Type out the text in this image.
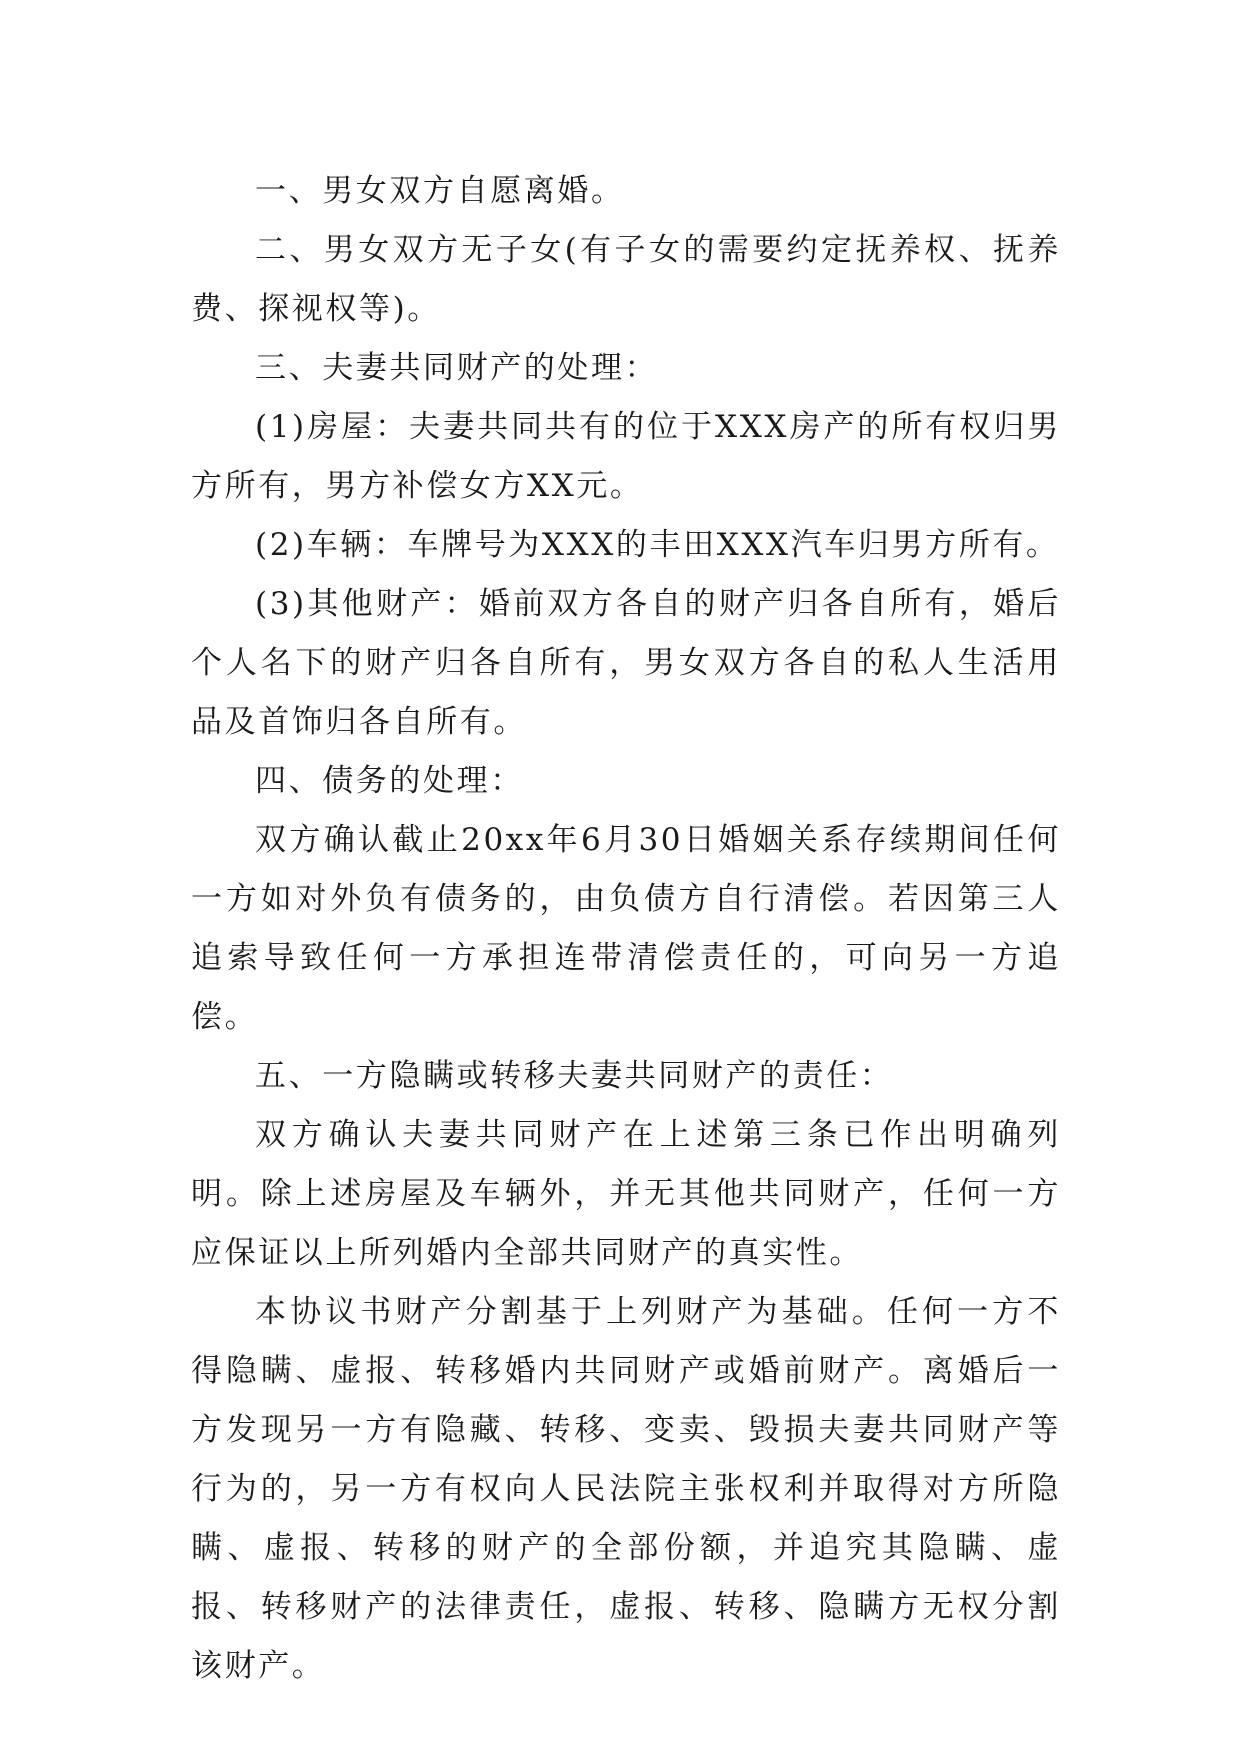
一、男女双方自愿离婚。

二、男女双方无子女(有子女的需要约定抚养权、抚养费、探视权等)。

三、夫妻共同财产的处理：

(1)房屋：夫妻共同共有的位于XXX房产的所有权归男方所有，男方补偿女方XX元。

(2)车辆：车牌号为XXX的丰田XXX汽车归男方所有。

(3)其他财产：婚前双方各自的财产归各自所有，婚后个人名下的财产归各自所有，男女双方各自的私人生活用品及首饰归各自所有。

四、债务的处理：

双方确认截止20xx年6月30日婚姻关系存续期间任何一方如对外负有债务的，由负债方自行清偿。若因第三人追索导致任何一方承担连带清偿责任的，可向另一方追偿。

五、一方隐瞒或转移夫妻共同财产的责任：

双方确认夫妻共同财产在上述第三条已作出明确列明。除上述房屋及车辆外，并无其他共同财产，任何一方应保证以上所列婚内全部共同财产的真实性。

本协议书财产分割基于上列财产为基础。任何一方不得隐瞒、虚报、转移婚内共同财产或婚前财产。离婚后一方发现另一方有隐藏、转移、变卖、毁损夫妻共同财产等行为的，另一方有权向人民法院主张权利并取得对方所隐瞒、虚报、转移的财产的全部份额，并追究其隐瞒、虚报、转移财产的法律责任，虚报、转移、隐瞒方无权分割该财产。
